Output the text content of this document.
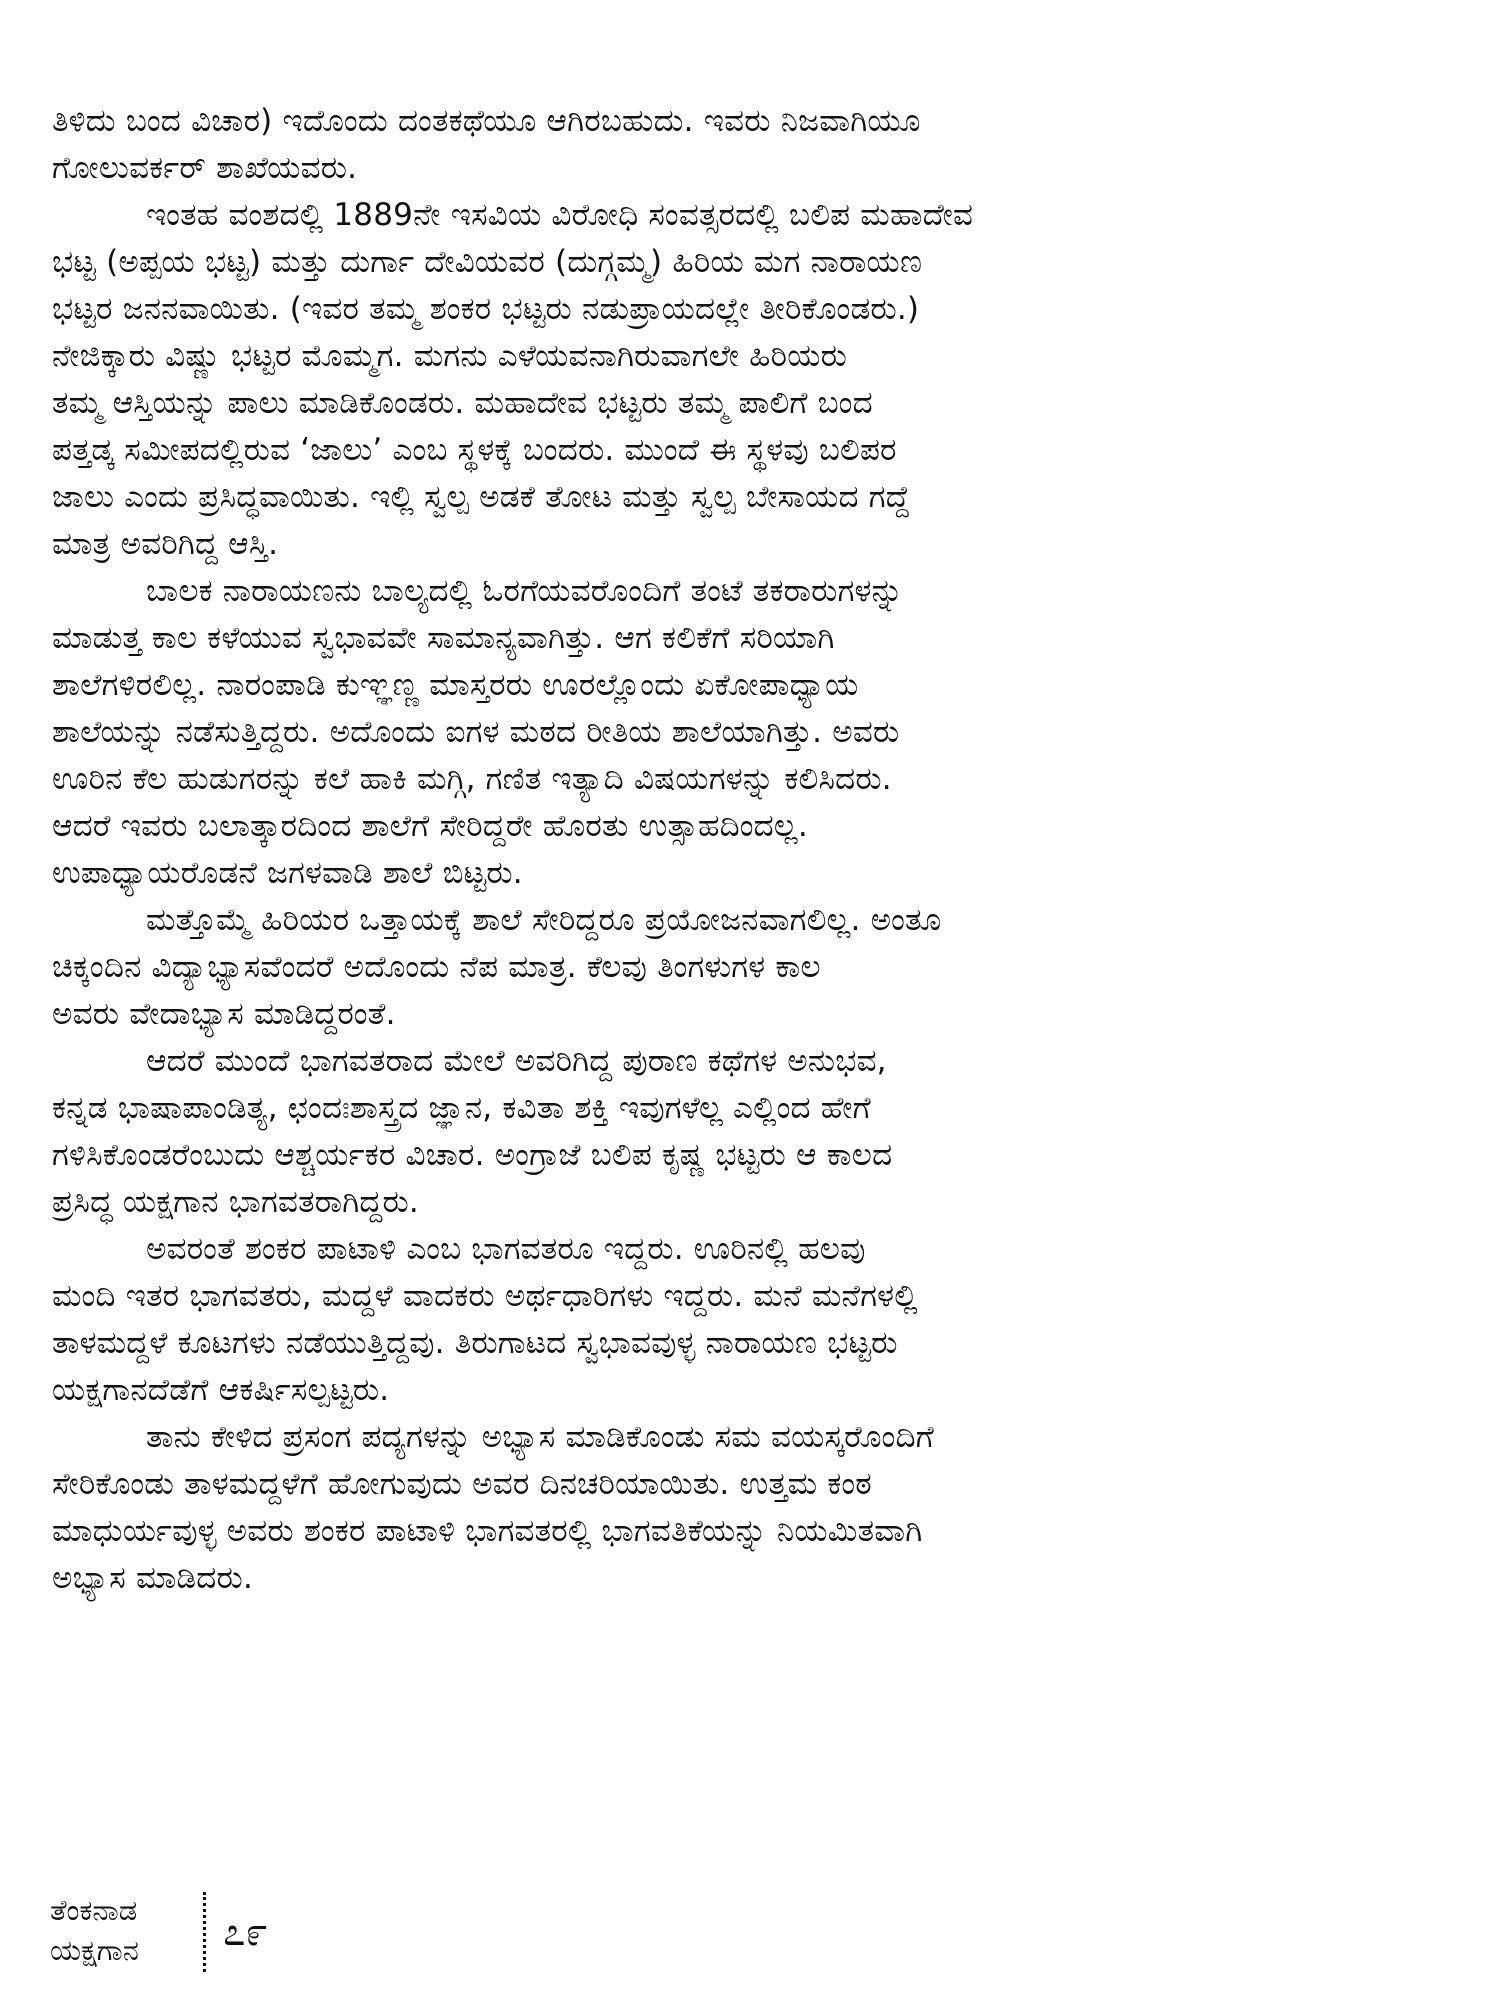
ತಿಳಿದು ಬಂದ ವಿಚಾರ) ಇದೊಂದು ದಂತಕಥೆಯೂ ಆಗಿರಬಹುದು. ಇವರು ನಿಜವಾಗಿಯೂ
ಗೋಲುವರ್ಕರ್ ಶಾಖೆಯವರು.
ಇಂತಹ ವಂಶದಲ್ಲಿ 1889ನೇ ಇಸವಿಯ ವಿರೋಧಿ ಸಂವತ್ಸರದಲ್ಲಿ ಬಲಿಪ ಮಹಾದೇವ
ಭಟ್ಟ (ಅಪ್ಪಯ ಭಟ್ಟ) ಮತ್ತು ದುರ್ಗಾ ದೇವಿಯವರ (ದುಗ್ಗಮ್ಮ) ಹಿರಿಯ ಮಗ ನಾರಾಯಣ
ಭಟ್ಟರ ಜನನವಾಯಿತು. (ಇವರ ತಮ್ಮ ಶಂಕರ ಭಟ್ಟರು ನಡುಪ್ರಾಯದಲ್ಲೇ ತೀರಿಕೊಂಡರು.)
ನೇಜಿಕ್ಕಾರು ವಿಷ್ಣು ಭಟ್ಟರ ಮೊಮ್ಮಗ. ಮಗನು ಎಳೆಯವನಾಗಿರುವಾಗಲೇ ಹಿರಿಯರು
ತಮ್ಮ ಆಸ್ತಿಯನ್ನು ಪಾಲು ಮಾಡಿಕೊಂಡರು. ಮಹಾದೇವ ಭಟ್ಟರು ತಮ್ಮ ಪಾಲಿಗೆ ಬಂದ
ಪತ್ತಡ್ಕ ಸಮೀಪದಲ್ಲಿರುವ ‘ಜಾಲು’ ಎಂಬ ಸ್ಥಳಕ್ಕೆ ಬಂದರು. ಮುಂದೆ ಈ ಸ್ಥಳವು ಬಲಿಪರ
ಜಾಲು ಎಂದು ಪ್ರಸಿದ್ಧವಾಯಿತು. ಇಲ್ಲಿ ಸ್ವಲ್ಪ ಅಡಕೆ ತೋಟ ಮತ್ತು ಸ್ವಲ್ಪ ಬೇಸಾಯದ ಗದ್ದೆ
ಮಾತ್ರ ಅವರಿಗಿದ್ದ ಆಸ್ತಿ.
ಬಾಲಕ ನಾರಾಯಣನು ಬಾಲ್ಯದಲ್ಲಿ ಓರಗೆಯವರೊಂದಿಗೆ ತಂಟೆ ತಕರಾರುಗಳನ್ನು
ಮಾಡುತ್ತ ಕಾಲ ಕಳೆಯುವ ಸ್ವಭಾವವೇ ಸಾಮಾನ್ಯವಾಗಿತ್ತು. ಆಗ ಕಲಿಕೆಗೆ ಸರಿಯಾಗಿ
ಶಾಲೆಗಳಿರಲಿಲ್ಲ. ನಾರಂಪಾಡಿ ಕುಞ್ಞಣ್ಣ ಮಾಸ್ತರರು ಊರಲ್ಲೊಂದು ಏಕೋಪಾಧ್ಯಾಯ
ಶಾಲೆಯನ್ನು ನಡೆಸುತ್ತಿದ್ದರು. ಅದೊಂದು ಐಗಳ ಮಠದ ರೀತಿಯ ಶಾಲೆಯಾಗಿತ್ತು. ಅವರು
ಊರಿನ ಕೆಲ ಹುಡುಗರನ್ನು ಕಲೆ ಹಾಕಿ ಮಗ್ಗಿ, ಗಣಿತ ಇತ್ಯಾದಿ ವಿಷಯಗಳನ್ನು ಕಲಿಸಿದರು.
ಆದರೆ ಇವರು ಬಲಾತ್ಕಾರದಿಂದ ಶಾಲೆಗೆ ಸೇರಿದ್ದರೇ ಹೊರತು ಉತ್ಸಾಹದಿಂದಲ್ಲ.
ಉಪಾಧ್ಯಾಯರೊಡನೆ ಜಗಳವಾಡಿ ಶಾಲೆ ಬಿಟ್ಟರು.
ಮತ್ತೊಮ್ಮೆ ಹಿರಿಯರ ಒತ್ತಾಯಕ್ಕೆ ಶಾಲೆ ಸೇರಿದ್ದರೂ ಪ್ರಯೋಜನವಾಗಲಿಲ್ಲ. ಅಂತೂ
ಚಿಕ್ಕಂದಿನ ವಿದ್ಯಾಭ್ಯಾಸವೆಂದರೆ ಅದೊಂದು ನೆಪ ಮಾತ್ರ. ಕೆಲವು ತಿಂಗಳುಗಳ ಕಾಲ
ಅವರು ವೇದಾಭ್ಯಾಸ ಮಾಡಿದ್ದರಂತೆ.
ಆದರೆ ಮುಂದೆ ಭಾಗವತರಾದ ಮೇಲೆ ಅವರಿಗಿದ್ದ ಪುರಾಣ ಕಥೆಗಳ ಅನುಭವ,
ಕನ್ನಡ ಭಾಷಾಪಾಂಡಿತ್ಯ, ಛಂದಃಶಾಸ್ತ್ರದ ಜ್ಞಾನ, ಕವಿತಾ ಶಕ್ತಿ ಇವುಗಳೆಲ್ಲ ಎಲ್ಲಿಂದ ಹೇಗೆ
ಗಳಿಸಿಕೊಂಡರೆಂಬುದು ಆಶ್ಚರ್ಯಕರ ವಿಚಾರ. ಅಂಗ್ರಾಜೆ ಬಲಿಪ ಕೃಷ್ಣ ಭಟ್ಟರು ಆ ಕಾಲದ
ಪ್ರಸಿದ್ಧ ಯಕ್ಷಗಾನ ಭಾಗವತರಾಗಿದ್ದರು.
ಅವರಂತೆ ಶಂಕರ ಪಾಟಾಳಿ ಎಂಬ ಭಾಗವತರೂ ಇದ್ದರು. ಊರಿನಲ್ಲಿ ಹಲವು
ಮಂದಿ ಇತರ ಭಾಗವತರು, ಮದ್ದಳೆ ವಾದಕರು ಅರ್ಥಧಾರಿಗಳು ಇದ್ದರು. ಮನೆ ಮನೆಗಳಲ್ಲಿ
ತಾಳಮದ್ದಳೆ ಕೂಟಗಳು ನಡೆಯುತ್ತಿದ್ದವು. ತಿರುಗಾಟದ ಸ್ವಭಾವವುಳ್ಳ ನಾರಾಯಣ ಭಟ್ಟರು
ಯಕ್ಷಗಾನದೆಡೆಗೆ ಆಕರ್ಷಿಸಲ್ಪಟ್ಟರು.
ತಾನು ಕೇಳಿದ ಪ್ರಸಂಗ ಪದ್ಯಗಳನ್ನು ಅಭ್ಯಾಸ ಮಾಡಿಕೊಂಡು ಸಮ ವಯಸ್ಕರೊಂದಿಗೆ
ಸೇರಿಕೊಂಡು ತಾಳಮದ್ದಳೆಗೆ ಹೋಗುವುದು ಅವರ ದಿನಚರಿಯಾಯಿತು. ಉತ್ತಮ ಕಂಠ
ಮಾಧುರ್ಯವುಳ್ಳ ಅವರು ಶಂಕರ ಪಾಟಾಳಿ ಭಾಗವತರಲ್ಲಿ ಭಾಗವತಿಕೆಯನ್ನು ನಿಯಮಿತವಾಗಿ
ಅಭ್ಯಾಸ ಮಾಡಿದರು.
ತೆಂಕನಾಡ
ಯಕ್ಷಗಾನ	೭೯
